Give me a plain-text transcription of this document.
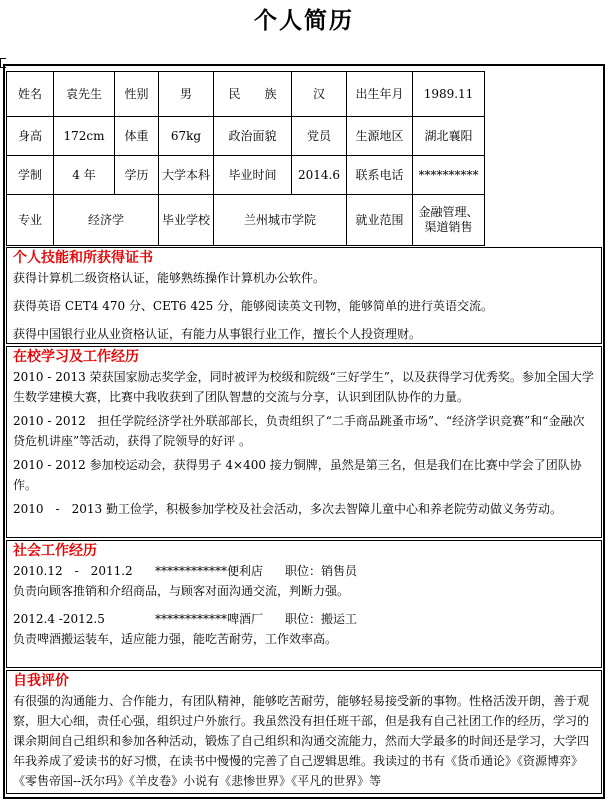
个人简历
姓名	袁先生	性别	男	民　　族	汉	出生年月	1989.11
身高	172cm	体重	67kg	政治面貌	党员	生源地区	湖北襄阳
学制	4 年	学历	大学本科	毕业时间	2014.6	联系电话	**********
专业	经济学		毕业学校	兰州城市学院		就业范围	金融管理、渠道销售
个人技能和所获得证书

获得计算机二级资格认证，能够熟练操作计算机办公软件。

获得英语 CET4 470 分、CET6 425 分，能够阅读英文刊物，能够简单的进行英语交流。

获得中国银行业从业资格认证，有能力从事银行业工作，擅长个人投资理财。

在校学习及工作经历

2010 - 2013 荣获国家励志奖学金，同时被评为校级和院级“三好学生”，以及获得学习优秀奖。参加全国大学生数学建模大赛，比赛中我收获到了团队智慧的交流与分享，认识到团队协作的力量。

2010 - 2012　担任学院经济学社外联部部长，负责组织了“二手商品跳蚤市场”、“经济学识竞赛”和“金融次贷危机讲座”等活动，获得了院领导的好评 。

2010 - 2012 参加校运动会，获得男子 4×400 接力铜牌，虽然是第三名，但是我们在比赛中学会了团队协作。

2010　-　2013 勤工俭学，积极参加学校及社会活动，多次去智障儿童中心和养老院劳动做义务劳动。

社会工作经历

2010.12　-　2011.2 ************便利店 职位：销售员

负责向顾客推销和介绍商品，与顾客对面沟通交流，判断力强。

2012.4 -2012.5	************啤酒厂 职位：搬运工

负责啤酒搬运装车，适应能力强，能吃苦耐劳，工作效率高。

自我评价

有很强的沟通能力、合作能力，有团队精神，能够吃苦耐劳，能够轻易接受新的事物。性格活泼开朗，善于观察，胆大心细，责任心强，组织过户外旅行。我虽然没有担任班干部，但是我有自己社团工作的经历，学习的课余期间自己组织和参加各种活动，锻炼了自己组织和沟通交流能力，然而大学最多的时间还是学习，大学四年我养成了爱读书的好习惯，在读书中慢慢的完善了自己逻辑思维。我读过的书有《货币通论》《资源博弈》《零售帝国--沃尔玛》《羊皮卷》小说有《悲惨世界》《平凡的世界》等
